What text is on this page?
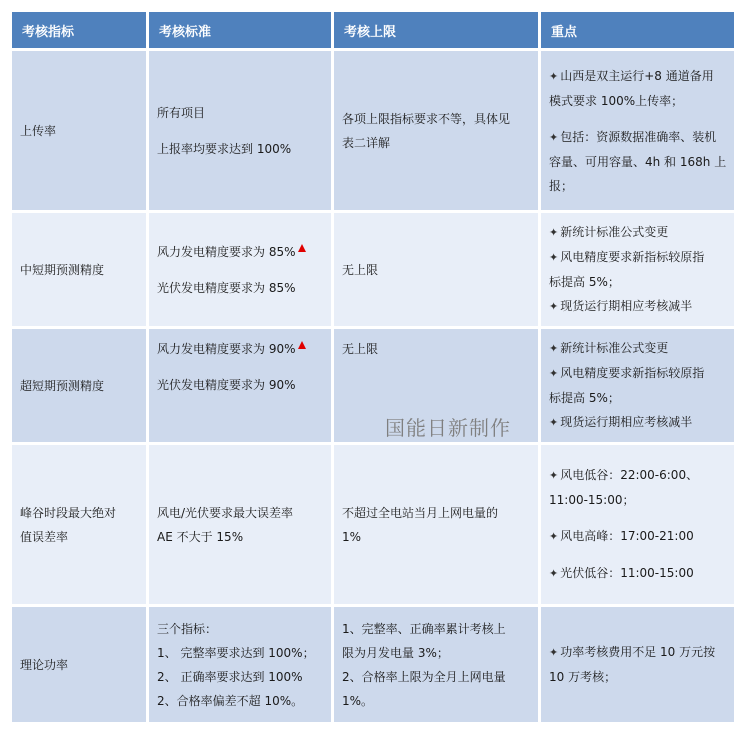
考核指标	考核标准	考核上限	重点

上传率	所有项目
上报率均要求达到 100%	各项上限指标要求不等，具体见
表二详解	✦ 山西是双主运行+8 通道备用
模式要求 100%上传率；
✦ 包括：资源数据准确率、装机
容量、可用容量、4h 和 168h 上
报；

中短期预测精度	风力发电精度要求为 85%
光伏发电精度要求为 85%	无上限	✦ 新统计标准公式变更
✦ 风电精度要求新指标较原指
标提高 5%；
✦ 现货运行期相应考核减半

超短期预测精度	风力发电精度要求为 90%
光伏发电精度要求为 90%	无上限	✦ 新统计标准公式变更
✦ 风电精度要求新指标较原指
标提高 5%；
✦ 现货运行期相应考核减半

峰谷时段最大绝对
值误差率	风电/光伏要求最大误差率
AE 不大于 15%	不超过全电站当月上网电量的
1%	✦ 风电低谷：22:00-6:00、
11:00-15:00；
✦ 风电高峰：17:00-21:00
✦ 光伏低谷：11:00-15:00

理论功率	三个指标：
1、 完整率要求达到 100%；
2、 正确率要求达到 100%
2、合格率偏差不超 10%。	1、完整率、正确率累计考核上
限为月发电量 3%；
2、合格率上限为全月上网电量
1%。	✦ 功率考核费用不足 10 万元按
10 万考核；
国能日新制作
